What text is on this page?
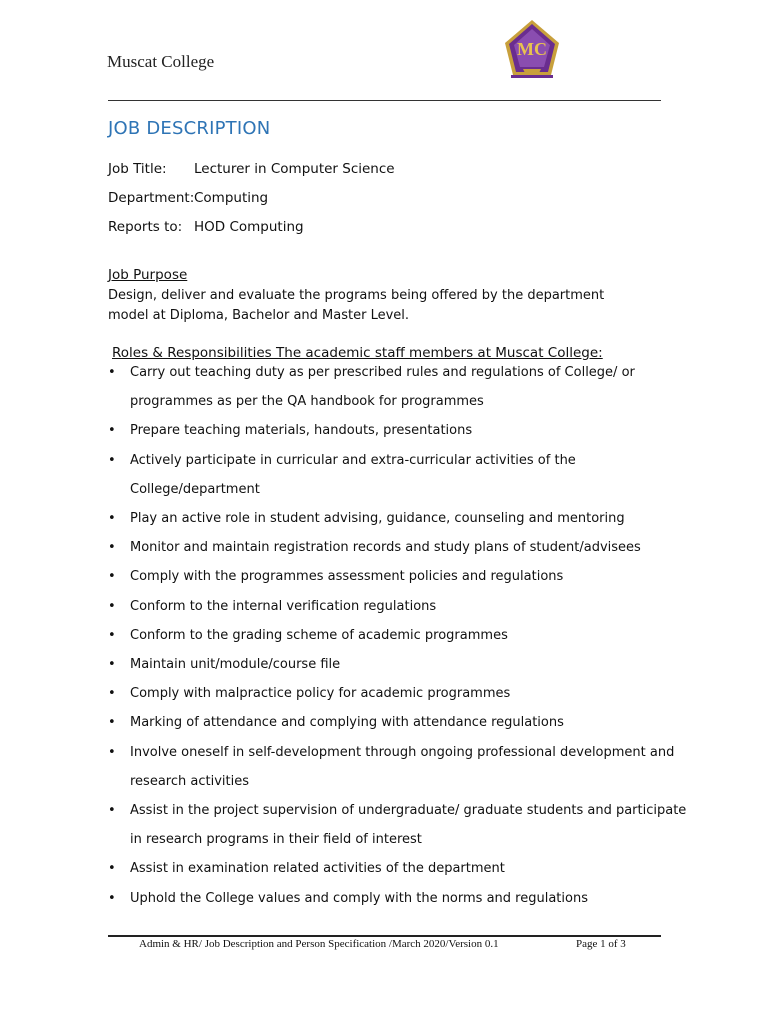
Muscat College
MC
JOB DESCRIPTION
Job Title: Lecturer in Computer Science
Department:Computing
Reports to: HOD Computing
Job Purpose
Design, deliver and evaluate the programs being offered by the department model at Diploma, Bachelor and Master Level.
Roles & Responsibilities The academic staff members at Muscat College:
•	Carry out teaching duty as per prescribed rules and regulations of College/ or
programmes as per the QA handbook for programmes
•	Prepare teaching materials, handouts, presentations
•	Actively participate in curricular and extra-curricular activities of the
College/department
•	Play an active role in student advising, guidance, counseling and mentoring
•	Monitor and maintain registration records and study plans of student/advisees
•	Comply with the programmes assessment policies and regulations
•	Conform to the internal verification regulations
•	Conform to the grading scheme of academic programmes
•	Maintain unit/module/course file
•	Comply with malpractice policy for academic programmes
•	Marking of attendance and complying with attendance regulations
•	Involve oneself in self-development through ongoing professional development and
research activities
•	Assist in the project supervision of undergraduate/ graduate students and participate
in research programs in their field of interest
•	Assist in examination related activities of the department
•	Uphold the College values and comply with the norms and regulations
Admin & HR/ Job Description and Person Specification /March 2020/Version 0.1	Page 1 of 3
